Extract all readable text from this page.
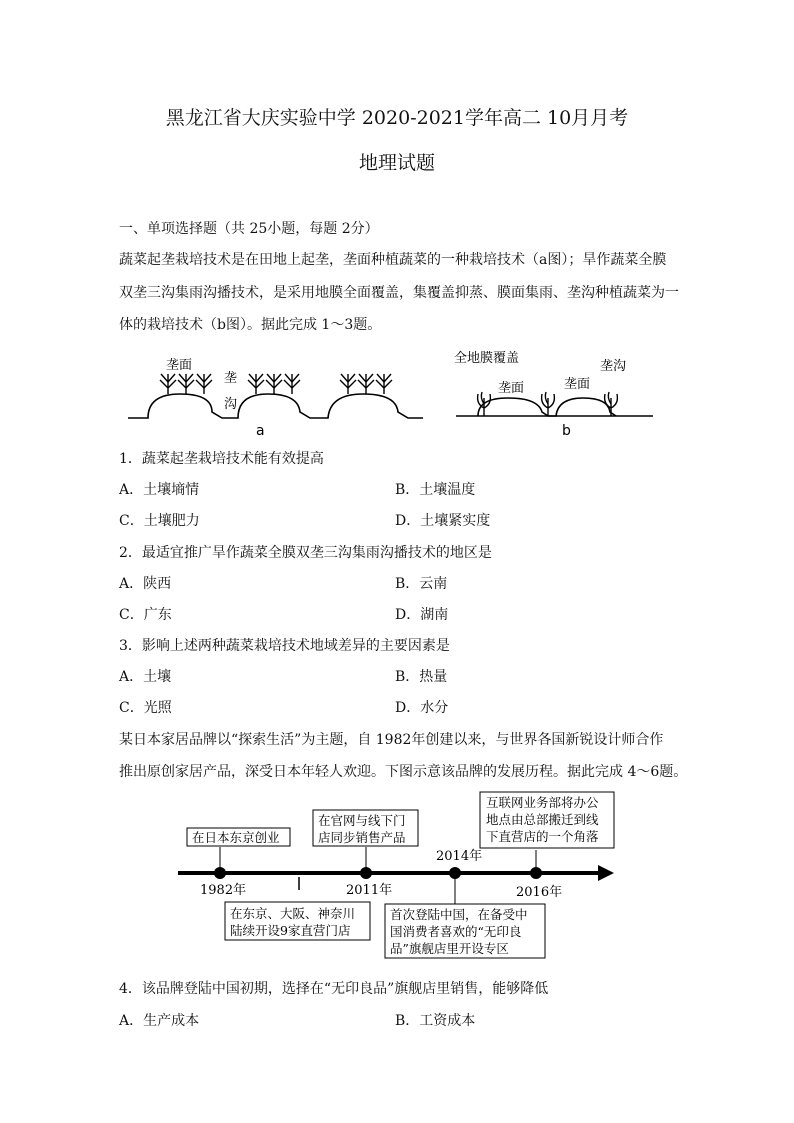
黑龙江省大庆实验中学 2020-2021学年高二 10月月考
地理试题
一、单项选择题（共 25小题，每题 2分）
蔬菜起垄栽培技术是在田地上起垄，垄面种植蔬菜的一种栽培技术（a图）；旱作蔬菜全膜
双垄三沟集雨沟播技术，是采用地膜全面覆盖，集覆盖抑蒸、膜面集雨、垄沟种植蔬菜为一
体的栽培技术（b图）。据此完成 1～3题。
垄面
垄
沟
a
全地膜覆盖
垄面	垄面
垄沟
b
1．蔬菜起垄栽培技术能有效提高
A．土壤墒情	B．土壤温度
C．土壤肥力	D．土壤紧实度
2．最适宜推广旱作蔬菜全膜双垄三沟集雨沟播技术的地区是
A．陕西	B．云南
C．广东	D．湖南
3．影响上述两种蔬菜栽培技术地域差异的主要因素是
A．土壤	B．热量
C．光照	D．水分
某日本家居品牌以“探索生活”为主题，自 1982年创建以来，与世界各国新锐设计师合作
推出原创家居产品，深受日本年轻人欢迎。下图示意该品牌的发展历程。据此完成 4～6题。
1982年	2011年
2014年
2016年
在日本东京创业
在官网与线下门
店同步销售产品
互联网业务部将办公
地点由总部搬迁到线
下直营店的一个角落
在东京、大阪、神奈川
陆续开设9家直营门店
首次登陆中国，在备受中
国消费者喜欢的“无印良
品”旗舰店里开设专区
4．该品牌登陆中国初期，选择在“无印良品”旗舰店里销售，能够降低
A．生产成本	B．工资成本
